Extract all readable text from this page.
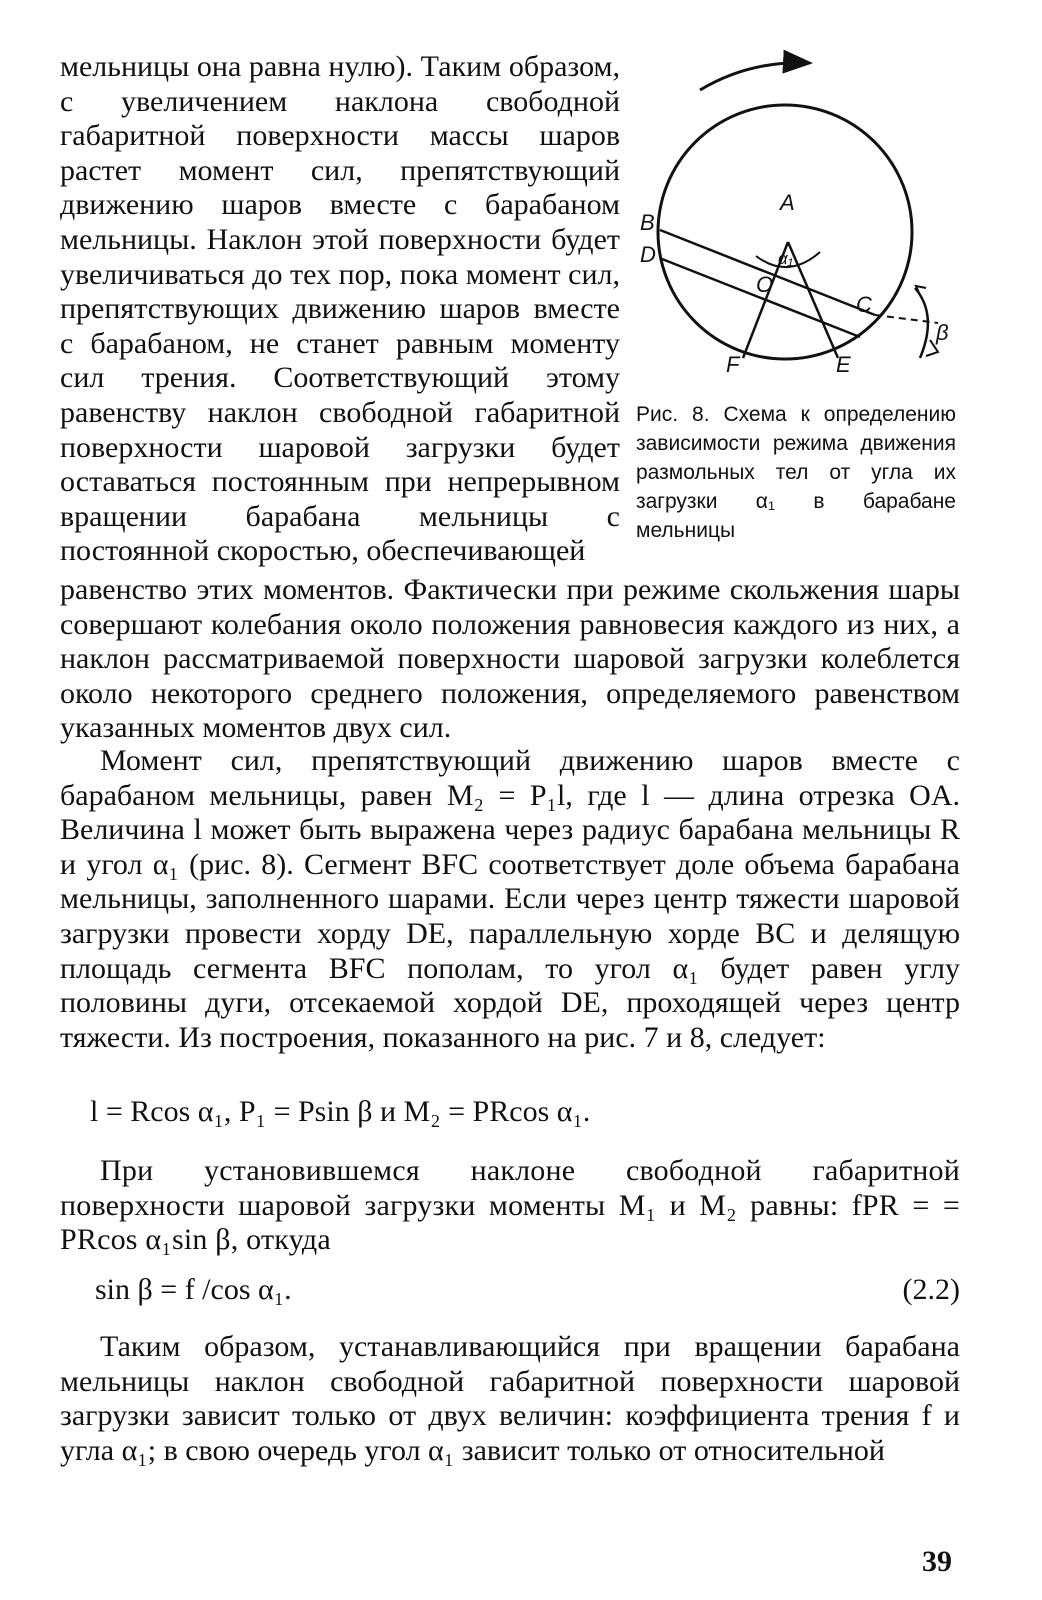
мельницы она равна нулю). Таким образом, с увеличением наклона свободной габаритной поверхности массы шаров растет момент сил, препятствующий движению шаров вместе с барабаном мельницы. Наклон этой поверхности будет увеличиваться до тех пор, пока момент сил, препятствующих движению шаров вместе с барабаном, не станет равным моменту сил трения. Соответствующий этому равенству наклон свободной габаритной поверхности шаровой загрузки будет оставаться постоянным при непрерывном вращении барабана мельницы с постоянной скоростью, обеспечивающей

A
B
D
O
C
F	E
α₁
β

Рис. 8. Схема к определению зависимости режима движения размольных тел от угла их загрузки α₁ в барабане мельницы

равенство этих моментов. Фактически при режиме скольжения шары совершают колебания около положения равновесия каждого из них, а наклон рассматриваемой поверхности шаровой загрузки колеблется около некоторого среднего положения, определяемого равенством указанных моментов двух сил.

Момент сил, препятствующий движению шаров вместе с барабаном мельницы, равен M₂ = P₁l, где l — длина отрезка OA. Величина l может быть выражена через радиус барабана мельницы R и угол α₁ (рис. 8). Сегмент BFC соответствует доле объема барабана мельницы, заполненного шарами. Если через центр тяжести шаровой загрузки провести хорду DE, параллельную хорде BC и делящую площадь сегмента BFC пополам, то угол α₁ будет равен углу половины дуги, отсекаемой хордой DE, проходящей через центр тяжести. Из построения, показанного на рис. 7 и 8, следует:

l = Rcos α₁, P₁ = Psin β и M₂ = PRcos α₁.

При установившемся наклоне свободной габаритной поверхности шаровой загрузки моменты M₁ и M₂ равны: fPR = = PRcos α₁sin β, откуда

sin β = f /cos α₁.	(2.2)

Таким образом, устанавливающийся при вращении барабана мельницы наклон свободной габаритной поверхности шаровой загрузки зависит только от двух величин: коэффициента трения f и угла α₁; в свою очередь угол α₁ зависит только от относительной

39
